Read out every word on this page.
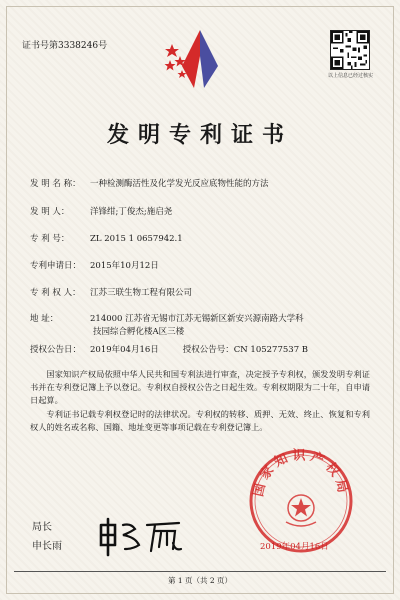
证书号第3338246号
以上信息已经过核实
发明专利证书
发 明 名 称： 一种检测酶活性及化学发光反应底物性能的方法
发 明 人： 洋锋绀;丁俊杰;施启尧
专 利 号： ZL 2015 1 0657942.1
专利申请日： 2015年10月12日
专 利 权 人： 江苏三联生物工程有限公司
地 址：	214000 江苏省无锡市江苏无锡新区新安兴源南路大学科
技园综合孵化楼A区三楼
授权公告日： 2019年04月16日	授权公告号：CN 105277537 B
国家知识产权局依照中华人民共和国专利法进行审查，决定授予专利权，颁发发明专利证书并在专利登记簿上予以登记。专利权自授权公告之日起生效。专利权期限为二十年，自申请日起算。
专利证书记载专利权登记时的法律状况。专利权的转移、质押、无效、终止、恢复和专利权人的姓名或名称、国籍、地址变更等事项记载在专利登记簿上。
局长
申长雨
国家知识产权局
2019年04月16日
第 1 页（共 2 页）
